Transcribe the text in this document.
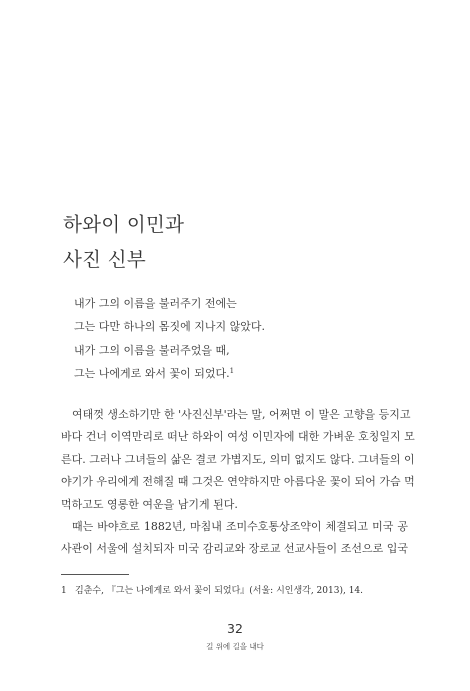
하와이 이민과
사진 신부
내가 그의 이름을 불러주기 전에는
그는 다만 하나의 몸짓에 지나지 않았다.
내가 그의 이름을 불러주었을 때,
그는 나에게로 와서 꽃이 되었다.$^1$
여태껏 생소하기만 한 '사진신부'라는 말, 어쩌면 이 말은 고향을 등지고
바다 건너 이역만리로 떠난 하와이 여성 이민자에 대한 가벼운 호칭일지 모
른다. 그러나 그녀들의 삶은 결코 가볍지도, 의미 없지도 않다. 그녀들의 이
야기가 우리에게 전해질 때 그것은 연약하지만 아름다운 꽃이 되어 가슴 먹
먹하고도 영롱한 여운을 남기게 된다.
때는 바야흐로 1882년, 마침내 조미수호통상조약이 체결되고 미국 공
사관이 서울에 설치되자 미국 감리교와 장로교 선교사들이 조선으로 입국
1 김춘수, 『그는 나에게로 와서 꽃이 되었다』(서울: 시인생각, 2013), 14.
32
길 위에 길을 내다
